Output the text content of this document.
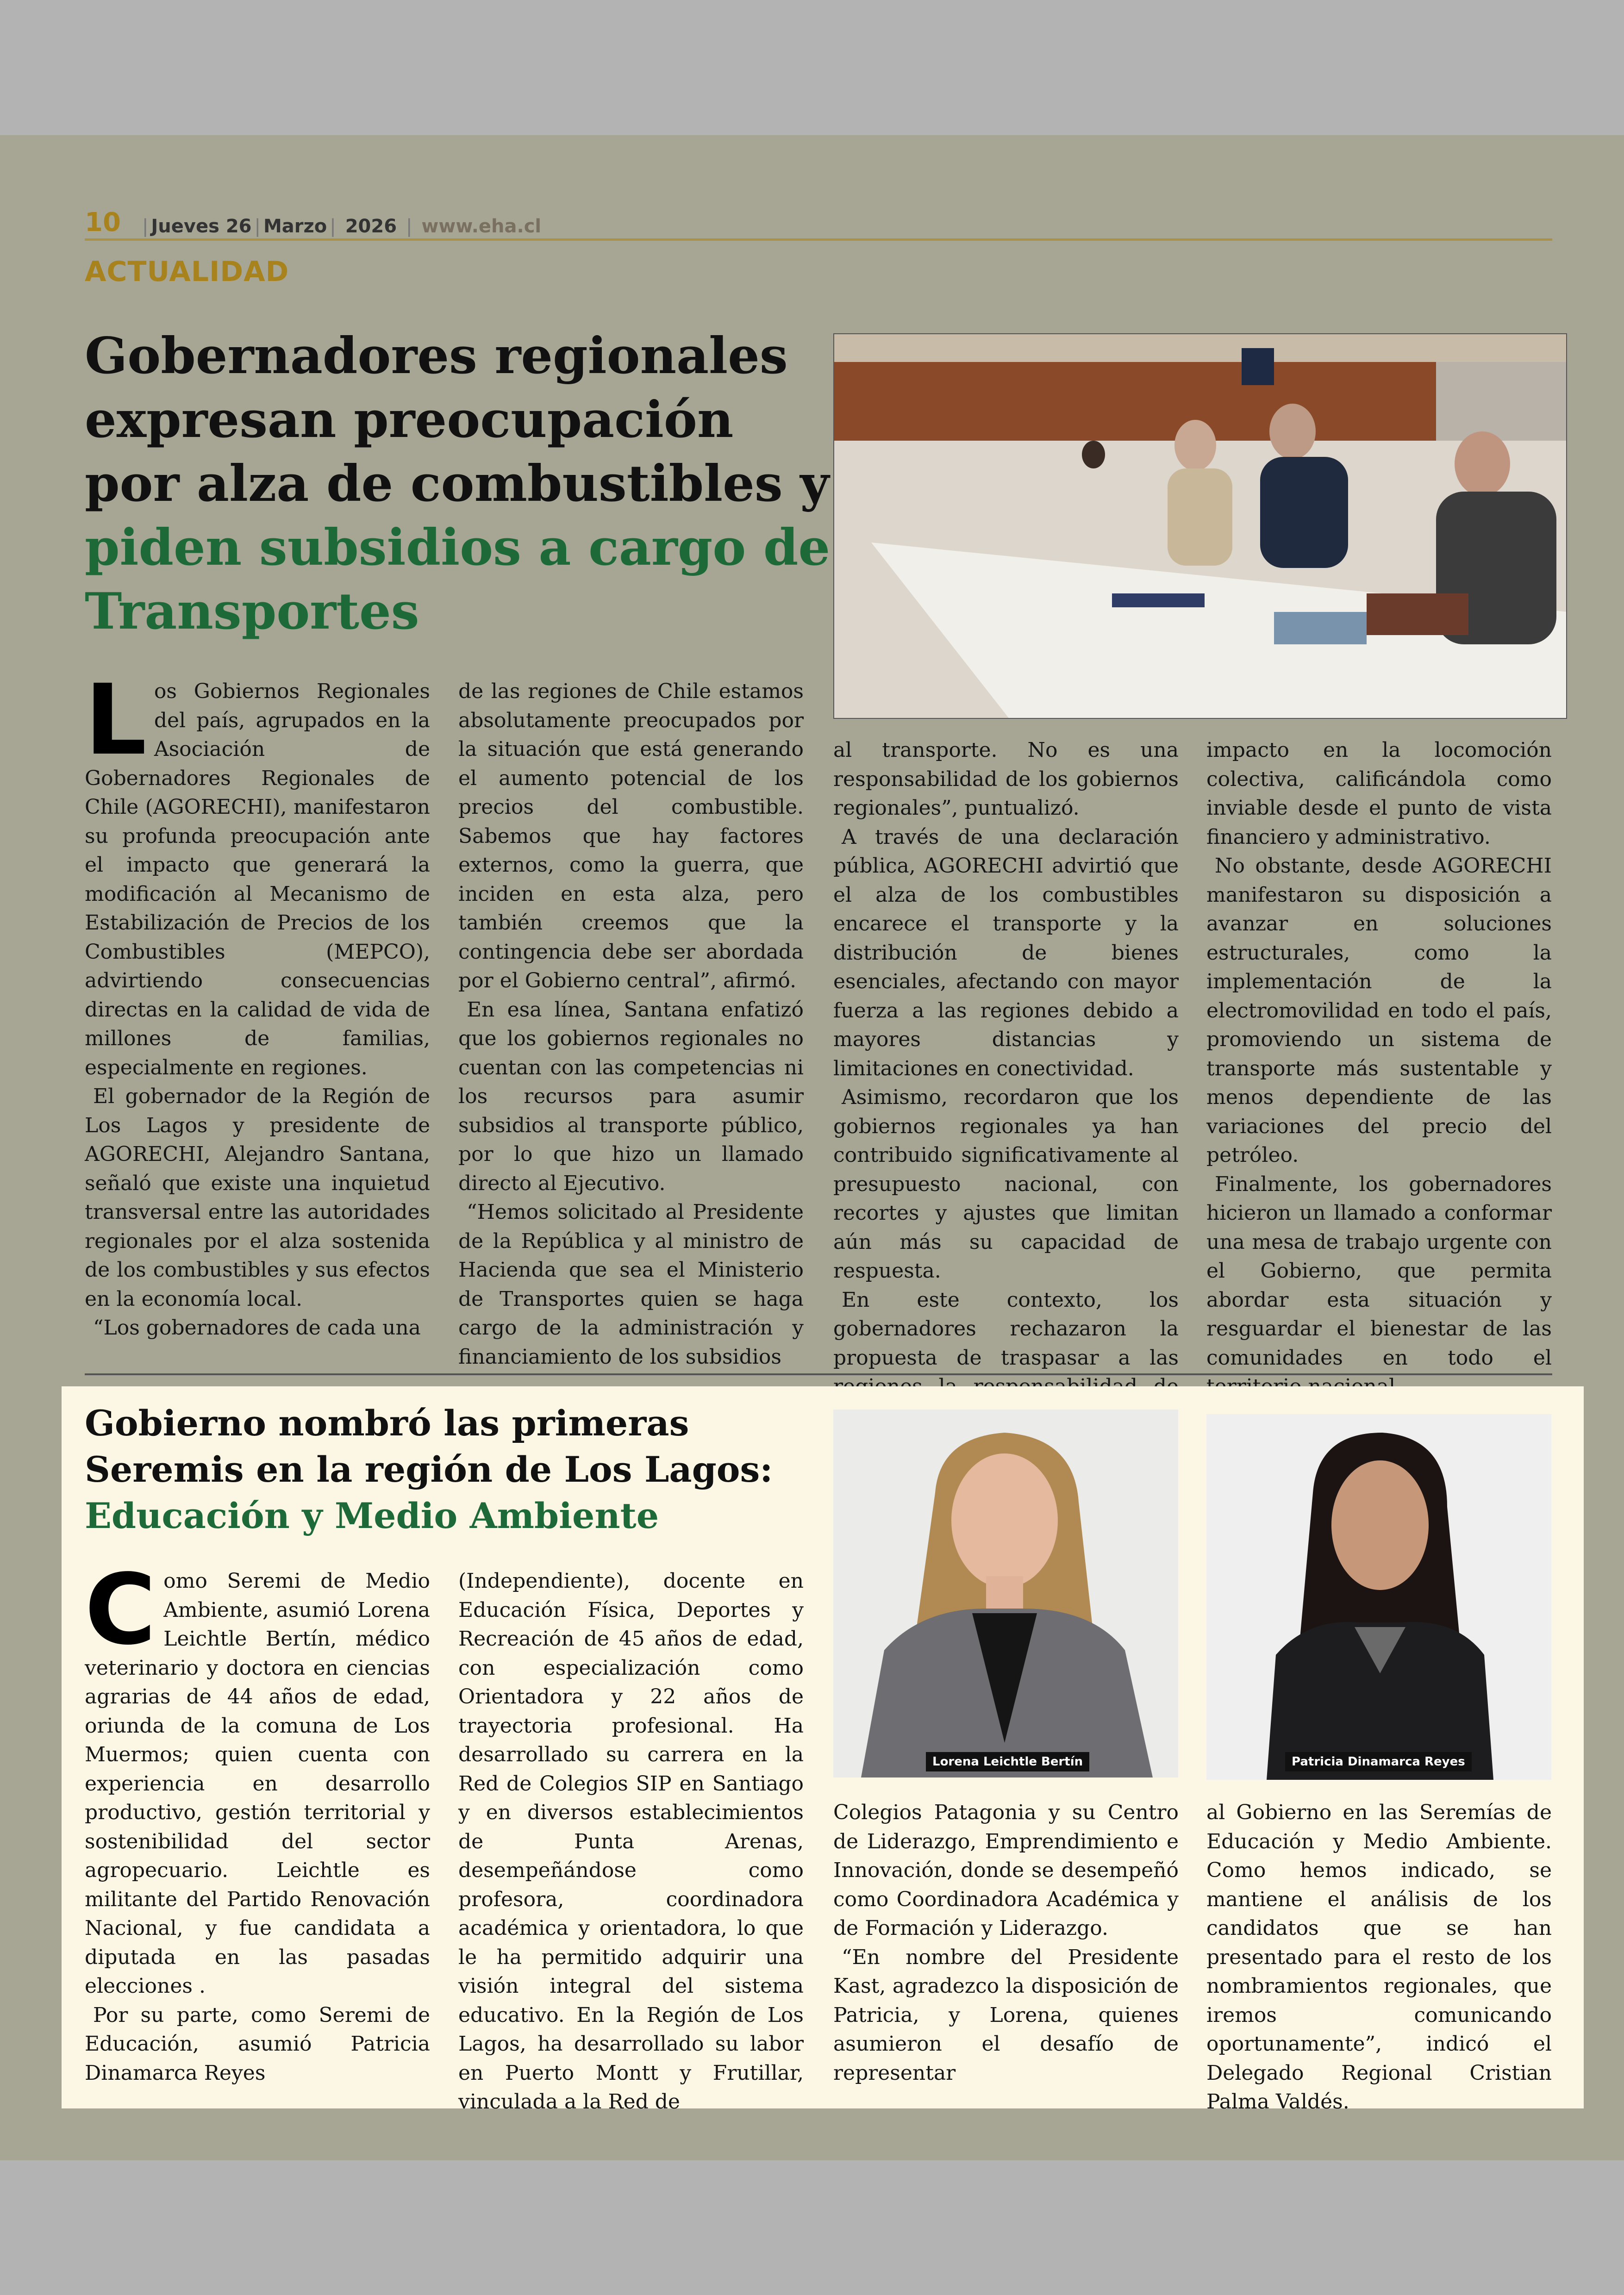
10 | Jueves 26 | Marzo | 2026 | www.eha.cl
ACTUALIDAD
Gobernadores regionales expresan preocupación por alza de combustibles y piden subsidios a cargo de Transportes
L os Gobiernos Regionales del país, agrupados en la Asociación de Gobernadores Regionales de Chile (AGORECHI), manifestaron su profunda preocupación ante el impacto que generará la modificación al Mecanismo de Estabilización de Precios de los Combustibles (MEPCO), advirtiendo consecuencias directas en la calidad de vida de millones de familias, especialmente en regiones.

El gobernador de la Región de Los Lagos y presidente de AGORECHI, Alejandro Santana, señaló que existe una inquietud transversal entre las autoridades regionales por el alza sostenida de los combustibles y sus efectos en la economía local.

“Los gobernadores de cada una

de las regiones de Chile estamos absolutamente preocupados por la situación que está generando el aumento potencial de los precios del combustible. Sabemos que hay factores externos, como la guerra, que inciden en esta alza, pero también creemos que la contingencia debe ser abordada por el Gobierno central”, afirmó.

En esa línea, Santana enfatizó que los gobiernos regionales no cuentan con las competencias ni los recursos para asumir subsidios al transporte público, por lo que hizo un llamado directo al Ejecutivo.

“Hemos solicitado al Presidente de la República y al ministro de Hacienda que sea el Ministerio de Transportes quien se haga cargo de la administración y financiamiento de los subsidios

al transporte. No es una responsabilidad de los gobiernos regionales”, puntualizó.

A través de una declaración pública, AGORECHI advirtió que el alza de los combustibles encarece el transporte y la distribución de bienes esenciales, afectando con mayor fuerza a las regiones debido a mayores distancias y limitaciones en conectividad.

Asimismo, recordaron que los gobiernos regionales ya han contribuido significativamente al presupuesto nacional, con recortes y ajustes que limitan aún más su capacidad de respuesta.

En este contexto, los gobernadores rechazaron la propuesta de traspasar a las

impacto en la locomoción colectiva, calificándola como inviable desde el punto de vista financiero y administrativo.

No obstante, desde AGORECHI manifestaron su disposición a avanzar en soluciones estructurales, como la implementación de la electromovilidad en todo el país, promoviendo un sistema de transporte más sustentable y menos dependiente de las variaciones del precio del petróleo.

Finalmente, los gobernadores hicieron un llamado a conformar una mesa de trabajo urgente con el Gobierno, que permita abordar esta situación y resguardar el bienestar de las comunidades en todo el

Gobierno nombró las primeras Seremis en la región de Los Lagos:
Educación y Medio Ambiente
Lorena Leichtle Bertín	Patricia Dinamarca Reyes
C omo Seremi de Medio Ambiente, asumió Lorena Leichtle Bertín, médico veterinario y doctora en ciencias agrarias de 44 años de edad, oriunda de la comuna de Los Muermos; quien cuenta con experiencia en desarrollo productivo, gestión territorial y sostenibilidad del sector agropecuario. Leichtle es militante del Partido Renovación Nacional, y fue candidata a diputada en las pasadas elecciones .

Por su parte, como Seremi de Educación, asumió Patricia Dinamarca Reyes

(Independiente), docente en Educación Física, Deportes y Recreación de 45 años de edad, con especialización como Orientadora y 22 años de trayectoria profesional. Ha desarrollado su carrera en la Red de Colegios SIP en Santiago y en diversos establecimientos de Punta Arenas, desempeñándose como profesora, coordinadora académica y orientadora, lo que le ha permitido adquirir una visión integral del sistema educativo. En la Región de Los Lagos, ha desarrollado su labor en Puerto Montt y Frutillar, vinculada a la Red de

Colegios Patagonia y su Centro de Liderazgo, Emprendimiento e Innovación, donde se desempeñó como Coordinadora Académica y de Formación y Liderazgo.

“En nombre del Presidente Kast, agradezco la disposición de Patricia, y Lorena, quienes asumieron el desafío de representar

al Gobierno en las Seremías de Educación y Medio Ambiente. Como hemos indicado, se mantiene el análisis de los candidatos que se han presentado para el resto de los nombramientos regionales, que iremos comunicando oportunamente”, indicó el Delegado Regional Cristian Palma Valdés.
